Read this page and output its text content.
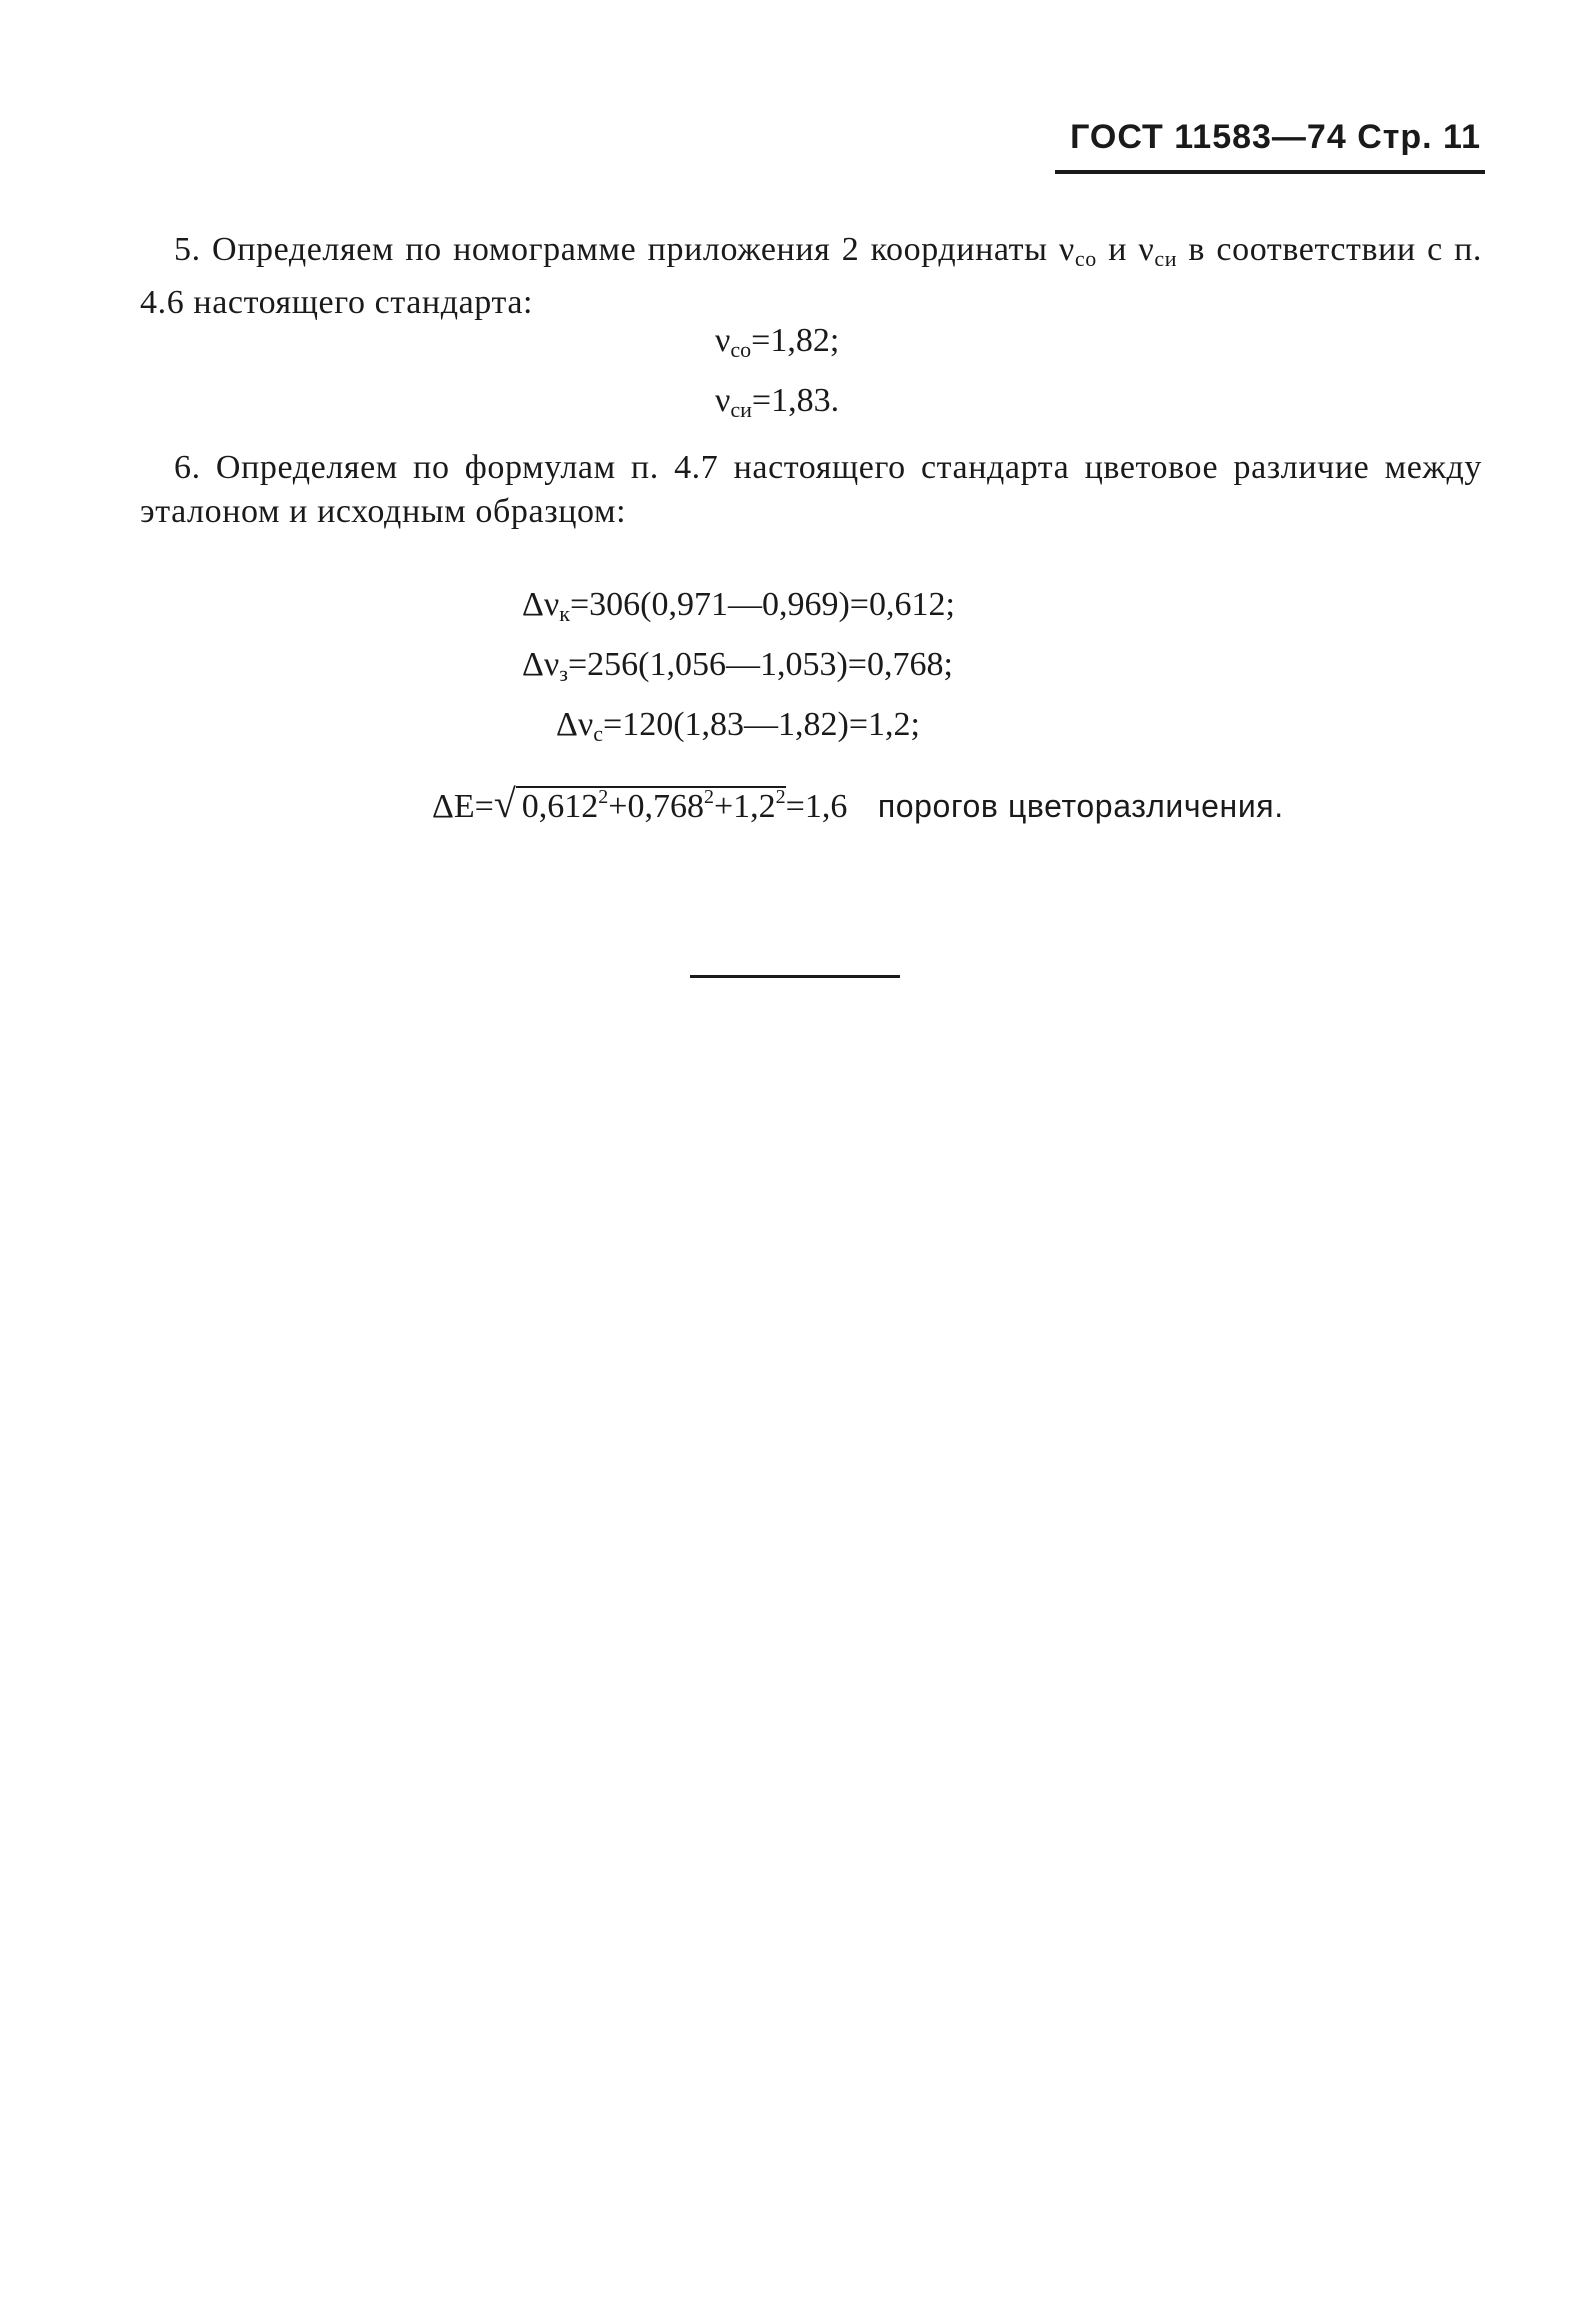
ГОСТ 11583—74 Стр. 11
5. Определяем по номограмме приложения 2 координаты $\nu_{со}$ и $\nu_{си}$ в соответствии с п. 4.6 настоящего стандарта:
$\nu_{со}=1,82$;
$\nu_{си}=1,83$.
6. Определяем по формулам п. 4.7 настоящего стандарта цветовое различие между эталоном и исходным образцом:
$\Delta\nu_к=306(0,971—0,969)=0,612$;
$\Delta\nu_з=256(1,056—1,053)=0,768$;
$\Delta\nu_с=120(1,83—1,82)=1,2$;
ΔE=√ $0,612^2+0,768^2+1,2^2=1,6$ порогов цветоразличения.
